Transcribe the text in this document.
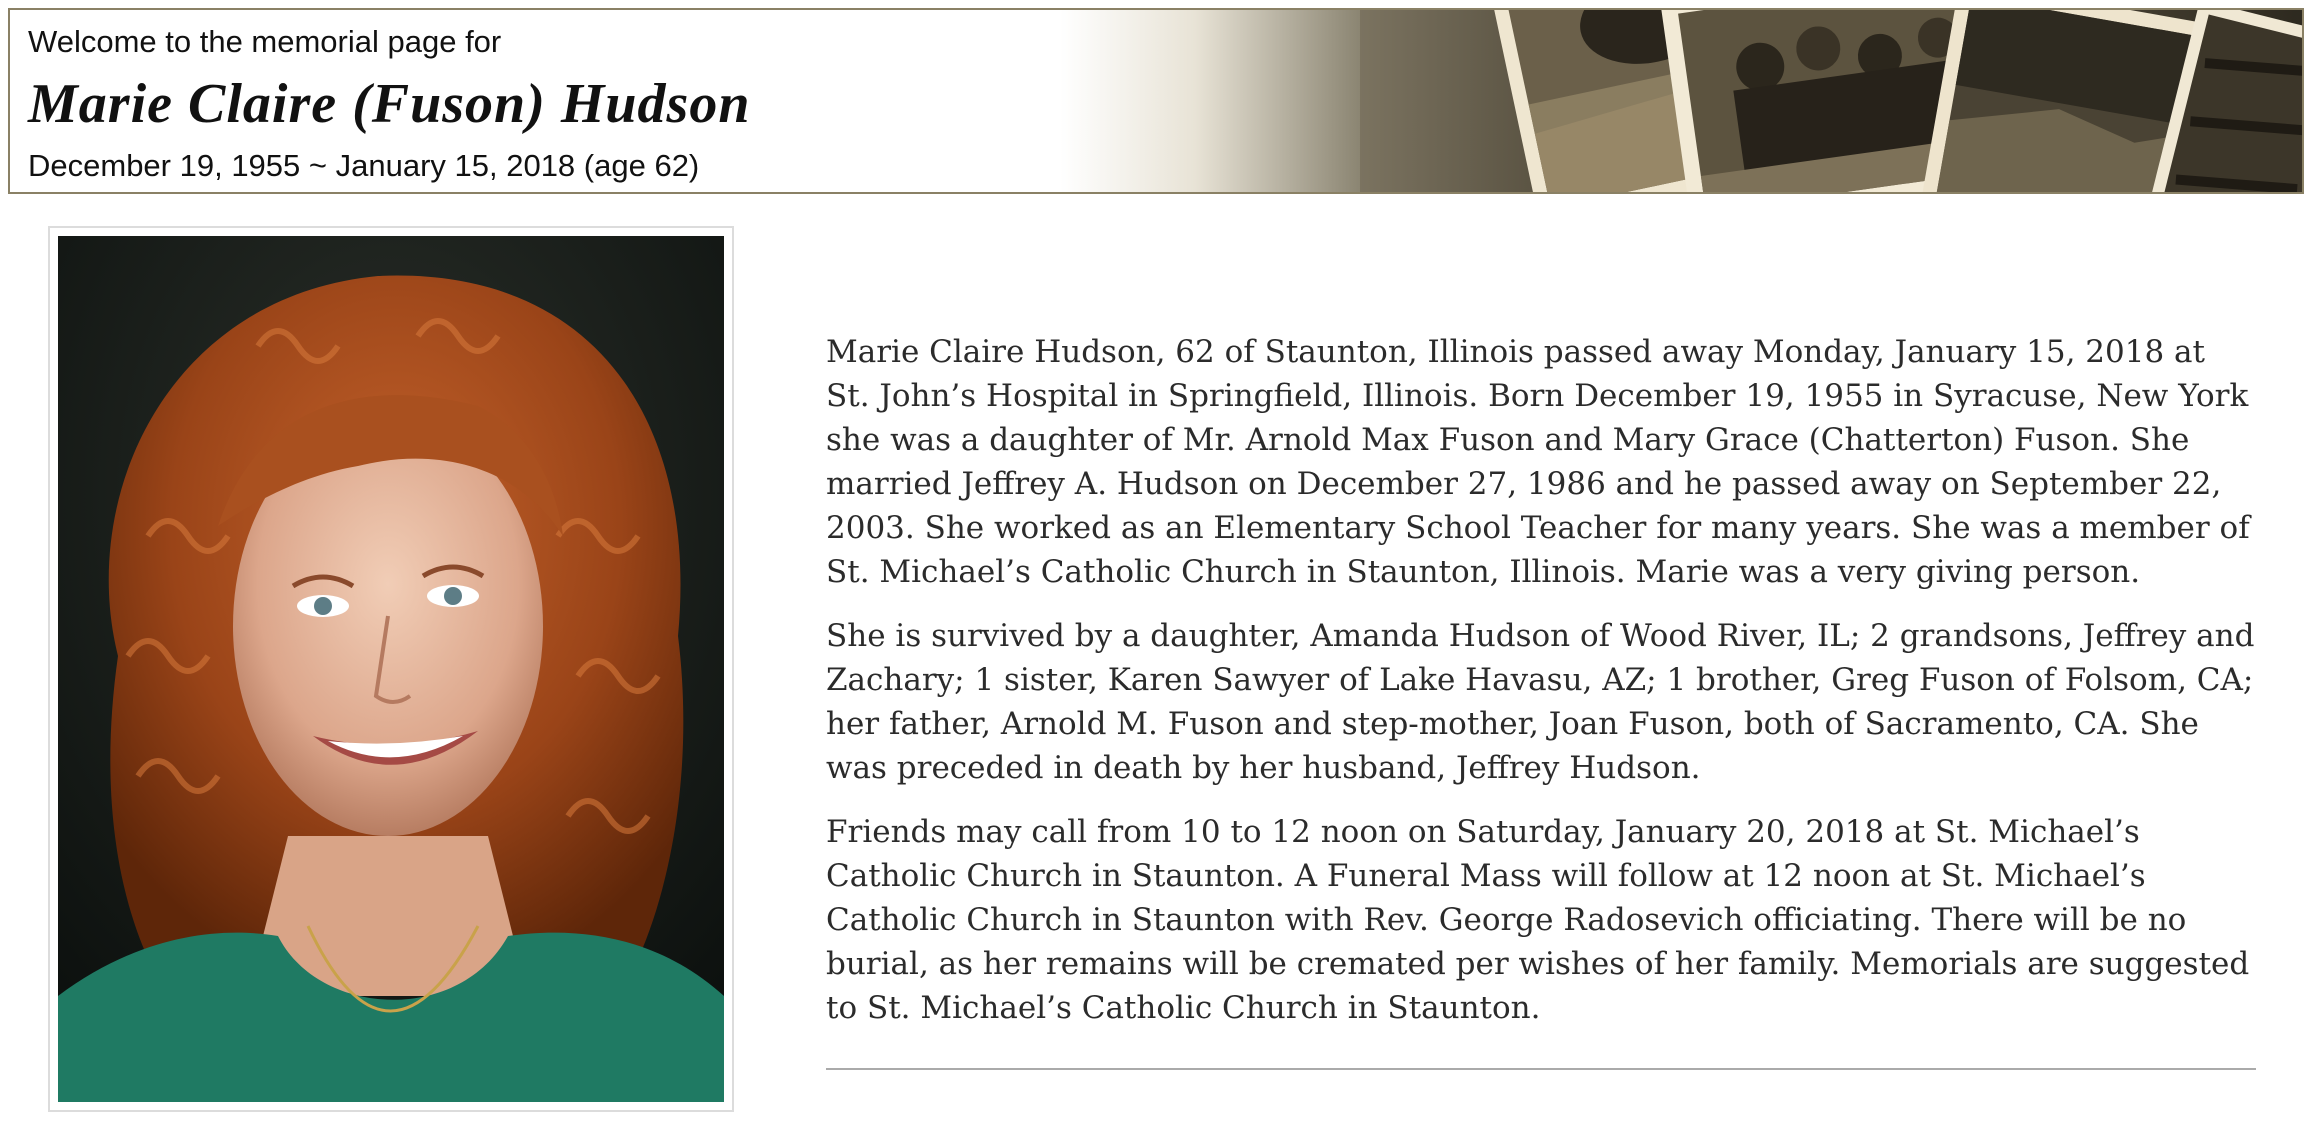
Welcome to the memorial page for
Marie Claire (Fuson) Hudson
December 19, 1955 ~ January 15, 2018 (age 62)

Marie Claire Hudson, 62 of Staunton, Illinois passed away Monday, January 15, 2018 at St. John’s Hospital in Springfield, Illinois. Born December 19, 1955 in Syracuse, New York she was a daughter of Mr. Arnold Max Fuson and Mary Grace (Chatterton) Fuson. She married Jeffrey A. Hudson on December 27, 1986 and he passed away on September 22, 2003. She worked as an Elementary School Teacher for many years. She was a member of St. Michael’s Catholic Church in Staunton, Illinois. Marie was a very giving person.

She is survived by a daughter, Amanda Hudson of Wood River, IL; 2 grandsons, Jeffrey and Zachary; 1 sister, Karen Sawyer of Lake Havasu, AZ; 1 brother, Greg Fuson of Folsom, CA; her father, Arnold M. Fuson and step-mother, Joan Fuson, both of Sacramento, CA. She was preceded in death by her husband, Jeffrey Hudson.

Friends may call from 10 to 12 noon on Saturday, January 20, 2018 at St. Michael’s Catholic Church in Staunton. A Funeral Mass will follow at 12 noon at St. Michael’s Catholic Church in Staunton with Rev. George Radosevich officiating. There will be no burial, as her remains will be cremated per wishes of her family. Memorials are suggested to St. Michael’s Catholic Church in Staunton.
